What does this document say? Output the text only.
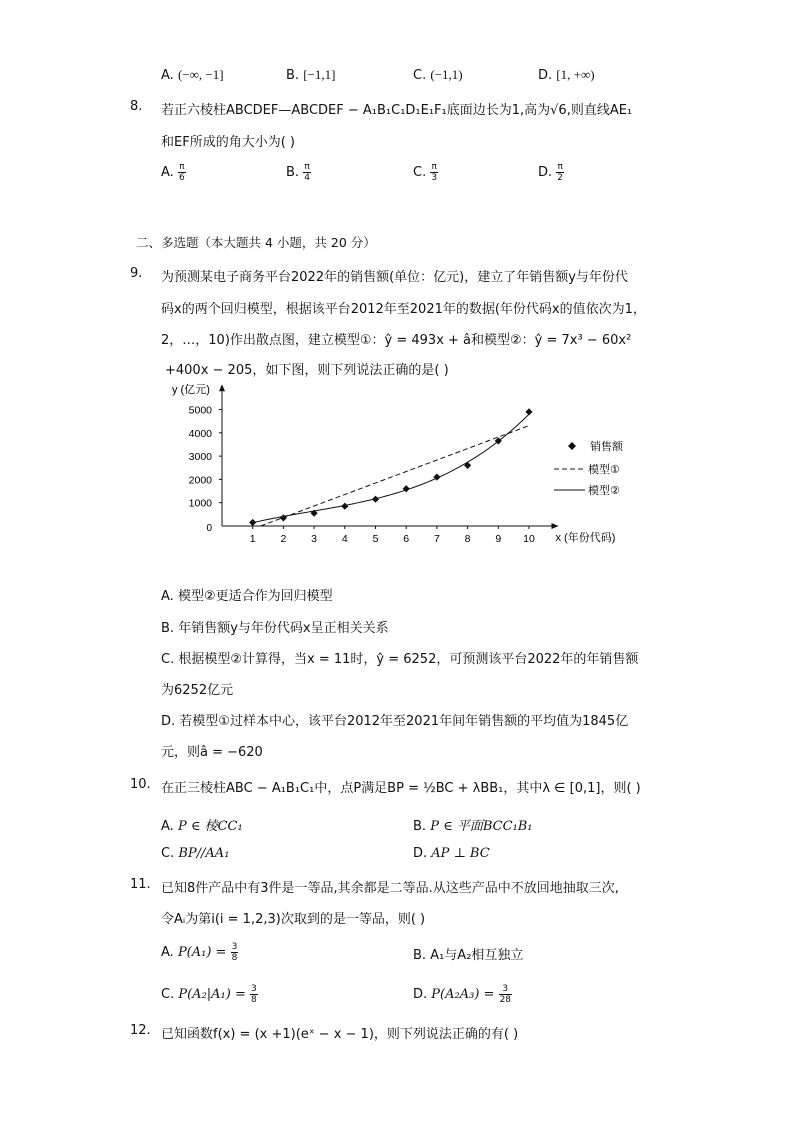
A. (−∞, −1]	B. [−1,1]	C. (−1,1)	D. [1, +∞)
8. 若正六棱柱ABCDEF—ABCDEF − A₁B₁C₁D₁E₁F₁底面边长为1,高为√6,则直线AE₁
和EF所成的角大小为( )
A. $\frac{\pi}{6}$	B. $\frac{\pi}{4}$	C. $\frac{\pi}{3}$	D. $\frac{\pi}{2}$
二、多选题（本大题共 4 小题，共 20 分）
9. 为预测某电子商务平台2022年的销售额(单位：亿元)，建立了年销售额y与年份代
码x的两个回归模型，根据该平台2012年至2021年的数据(年份代码x的值依次为1，
2，…，10)作出散点图，建立模型①：ŷ = 493x + â和模型②：ŷ = 7x³ − 60x²
+400x − 205，如下图，则下列说法正确的是( )
y (亿元)
x (年份代码)
0
1000
2000
3000
4000
5000
1 2 3 4 5 6 7 8 9 10
销售额
模型①
模型②
A. 模型②更适合作为回归模型
B. 年销售额y与年份代码x呈正相关关系
C. 根据模型②计算得，当x = 11时，ŷ = 6252，可预测该平台2022年的年销售额
为6252亿元
D. 若模型①过样本中心，该平台2012年至2021年间年销售额的平均值为1845亿
元，则â = −620
10. 在正三棱柱ABC − A₁B₁C₁中，点P满足BP = ½BC + λBB₁，其中λ ∈ [0,1]，则( )
A. P ∈ 棱CC₁	B. P ∈ 平面BCC₁B₁
C. BP//AA₁	D. AP ⊥ BC
11. 已知8件产品中有3件是一等品,其余都是二等品.从这些产品中不放回地抽取三次,
令Aᵢ为第i(i = 1,2,3)次取到的是一等品，则( )
A. $P(A_1) = \frac{3}{8}$	B. A₁与A₂相互独立
C. $P(A_2|A_1) = \frac{3}{8}$	D. $P(A_2A_3) = \frac{3}{28}$
12. 已知函数f(x) = (x +1)(eˣ − x − 1)，则下列说法正确的有( )
